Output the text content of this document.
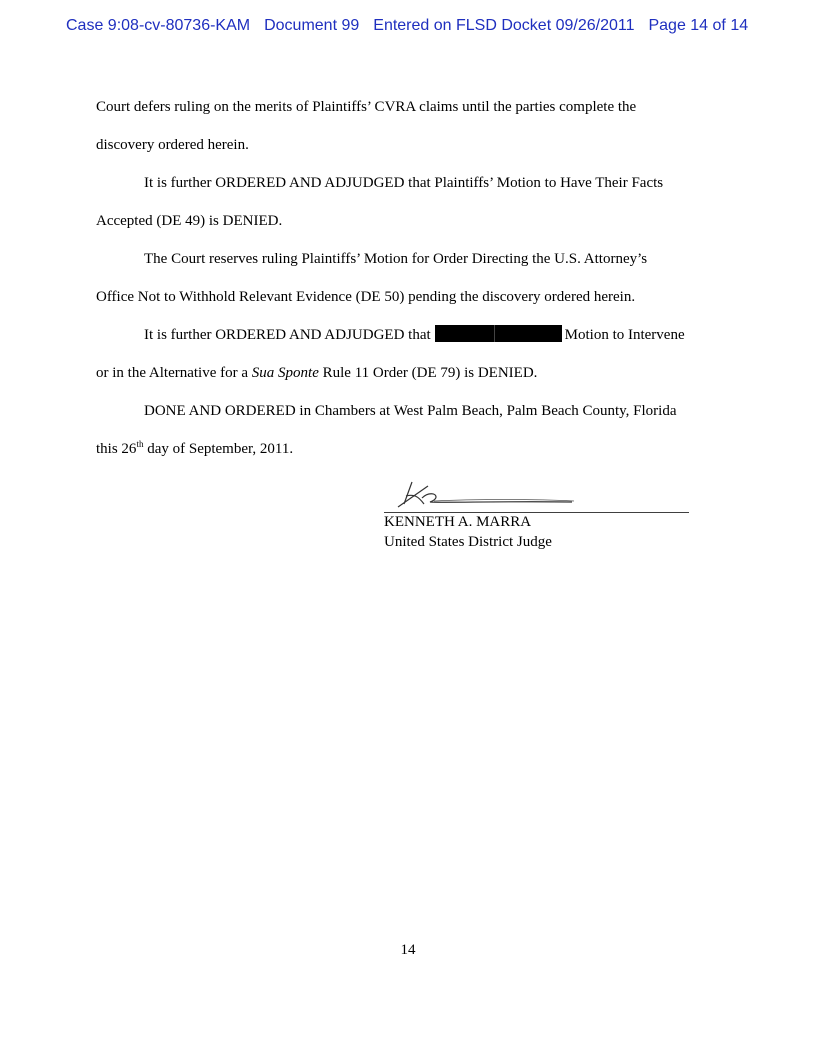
Case 9:08-cv-80736-KAM Document 99 Entered on FLSD Docket 09/26/2011 Page 14 of 14
Court defers ruling on the merits of Plaintiffs’ CVRA claims until the parties complete the
discovery ordered herein.
It is further ORDERED AND ADJUDGED that Plaintiffs’ Motion to Have Their Facts
Accepted (DE 49) is DENIED.
The Court reserves ruling Plaintiffs’ Motion for Order Directing the U.S. Attorney’s
Office Not to Withhold Relevant Evidence (DE 50) pending the discovery ordered herein.
It is further ORDERED AND ADJUDGED that	Motion to Intervene
or in the Alternative for a Sua Sponte Rule 11 Order (DE 79) is DENIED.
DONE AND ORDERED in Chambers at West Palm Beach, Palm Beach County, Florida
this 26th day of September, 2011.
KENNETH A. MARRA
United States District Judge
14
